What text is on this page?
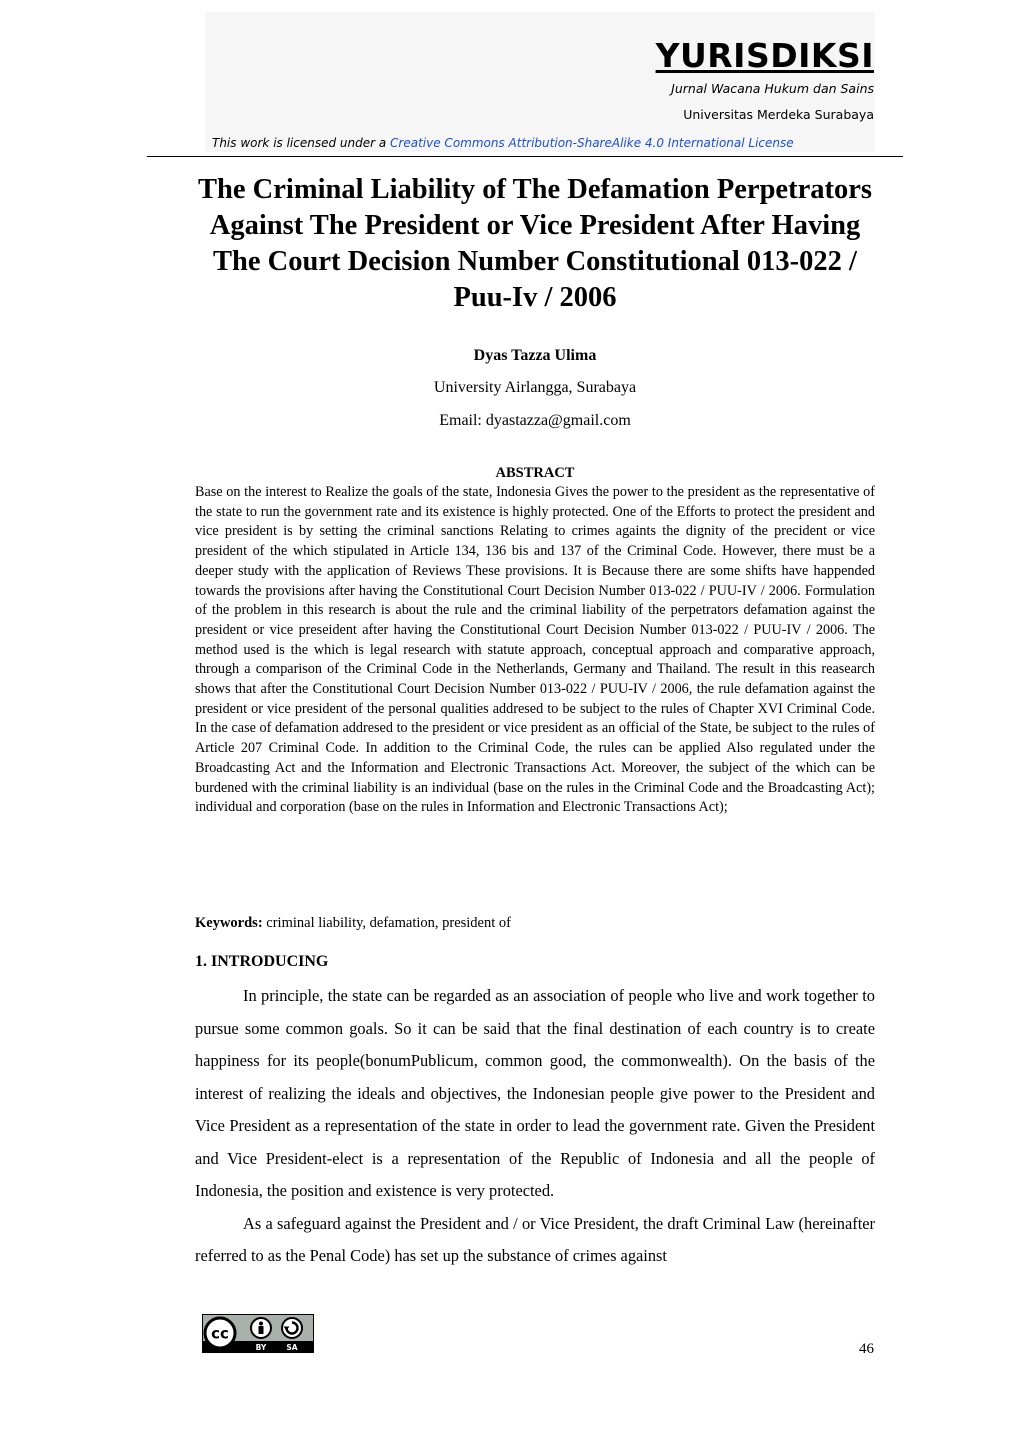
YURISDIKSI
Jurnal Wacana Hukum dan Sains
Universitas Merdeka Surabaya
This work is licensed under a Creative Commons Attribution-ShareAlike 4.0 International License
The Criminal Liability of The Defamation Perpetrators Against The President or Vice President After Having The Court Decision Number Constitutional 013-022 / Puu-Iv / 2006
Dyas Tazza Ulima
University Airlangga, Surabaya
Email: dyastazza@gmail.com
ABSTRACT

Base on the interest to Realize the goals of the state, Indonesia Gives the power to the president as the representative of the state to run the government rate and its existence is highly protected. One of the Efforts to protect the president and vice president is by setting the criminal sanctions Relating to crimes againts the dignity of the precident or vice president of the which stipulated in Article 134, 136 bis and 137 of the Criminal Code. However, there must be a deeper study with the application of Reviews These provisions. It is Because there are some shifts have happended towards the provisions after having the Constitutional Court Decision Number 013-022 / PUU-IV / 2006. Formulation of the problem in this research is about the rule and the criminal liability of the perpetrators defamation against the president or vice preseident after having the Constitutional Court Decision Number 013-022 / PUU-IV / 2006. The method used is the which is legal research with statute approach, conceptual approach and comparative approach, through a comparison of the Criminal Code in the Netherlands, Germany and Thailand. The result in this reasearch shows that after the Constitutional Court Decision Number 013-022 / PUU-IV / 2006, the rule defamation against the president or vice president of the personal qualities addresed to be subject to the rules of Chapter XVI Criminal Code. In the case of defamation addresed to the president or vice president as an official of the State, be subject to the rules of Article 207 Criminal Code. In addition to the Criminal Code, the rules can be applied Also regulated under the Broadcasting Act and the Information and Electronic Transactions Act. Moreover, the subject of the which can be burdened with the criminal liability is an individual (base on the rules in the Criminal Code and the Broadcasting Act); individual and corporation (base on the rules in Information and Electronic Transactions Act);

Keywords: criminal liability, defamation, president of
1. INTRODUCING

In principle, the state can be regarded as an association of people who live and work together to pursue some common goals. So it can be said that the final destination of each country is to create happiness for its people(bonumPublicum, common good, the commonwealth). On the basis of the interest of realizing the ideals and objectives, the Indonesian people give power to the President and Vice President as a representation of the state in order to lead the government rate. Given the President and Vice President-elect is a representation of the Republic of Indonesia and all the people of Indonesia, the position and existence is very protected.

As a safeguard against the President and / or Vice President, the draft Criminal Law (hereinafter referred to as the Penal Code) has set up the substance of crimes against

cc
BY	SA	46
